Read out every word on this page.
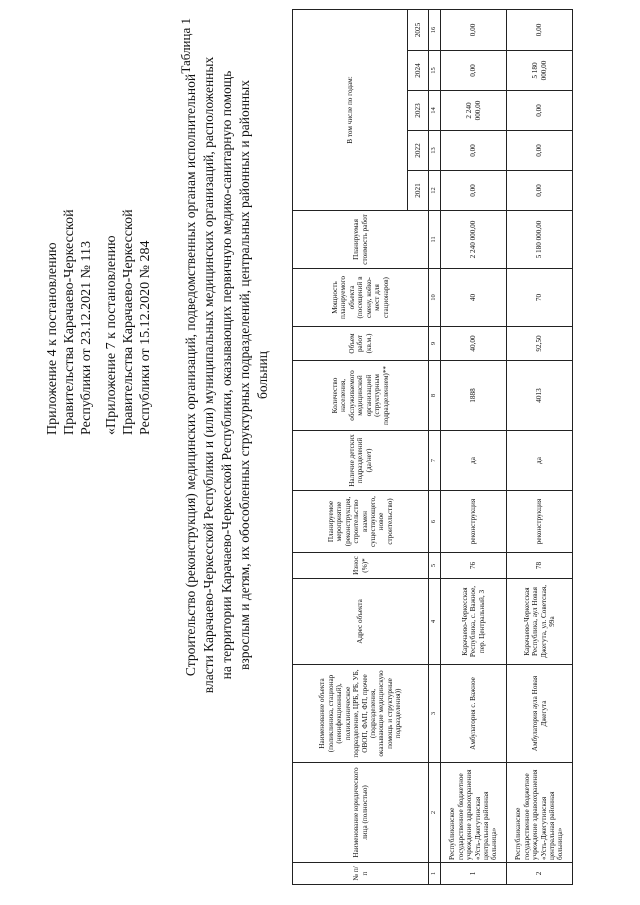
Приложение 4 к постановлению Правительства Карачаево-Черкесской Республики от 23.12.2021 № 113 «Приложение 7 к постановлению Правительства Карачаево-Черкесской Республики от 15.12.2020 № 284
Таблица 1
Строительство (реконструкция) медицинских организаций, подведомственных органам исполнительной власти Карачаево-Черкесской Республики и (или) муниципальных медицинских организаций, расположенных на территории Карачаево-Черкесской Республики, оказывающих первичную медико-санитарную помощь взрослым и детям, их обособленных структурных подразделений, центральных районных и районных больниц
№ п/п	Наименование юридического лица (полностью)	Наименование объекта (поликлиника, стационар (неинфекционный), поликлиническое подразделение, ЦРБ, РБ, УБ, ОВОП, ФАП, ФП, прочее (подразделения, оказывающие медицинскую помощь и структурные подразделения))	Адрес объекта	Износ (%)*	Планируемое мероприятие (реконструкция, строительство взамен существующего, новое строительство)	Наличие детских подразделений (да/нет)	Количество населения, обслуживаемого медицинской организацией (структурным подразделением)**	Объем работ (кв.м.)	Мощность планируемого объекта (посещений в смену, койко-мест для стационаров)	Планируемая стоимость работ	В том числе по годам:				
											2021	2022	2023	2024	2025
1	2	3	4	5	6	7	8	9	10	11	12	13	14	15	16
1	Республиканское государственное бюджетное учреждение здравоохранения «Усть-Джегутинская центральная районная больница»	Амбулатория с. Важное	Карачаево-Черкесская Республика, с. Важное, пер. Центральный, 3	76	реконструкция	да	1888	40,00	40	2 240 000,00	0,00	0,00	2 240 000,00	0,00	0,00
2	Республиканское государственное бюджетное учреждение здравоохранения «Усть-Джегутинская центральная районная больница»	Амбулатория аула Новая Джегута	Карачаево-Черкесская Республика, аул Новая Джегута, ул. Советская, 99а	78	реконструкция	да	4013	92,50	70	5 180 000,00	0,00	0,00	0,00	5 180 000,00	0,00
